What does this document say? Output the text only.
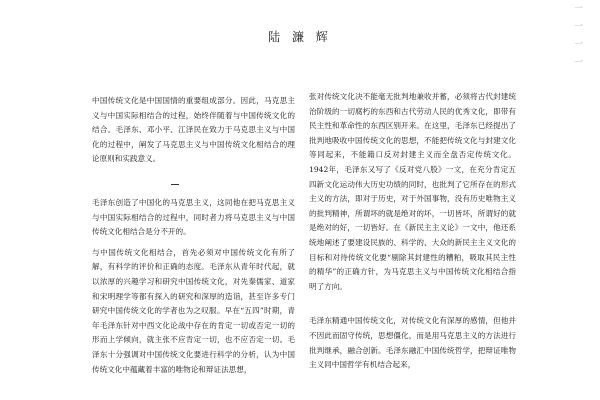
陆 濂 辉

中国传统文化是中国国情的重要组成部分。因此，马克思主义与中国实际相结合的过程，始终伴随着与中国传统文化的结合。毛泽东、邓小平、江泽民在致力于马克思主义与中国化的过程中，阐发了马克思主义与中国传统文化相结合的理论原则和实践意义。

毛泽东创造了中国化的马克思主义，这同他在把马克思主义与中国实际相结合的过程中，同时者力将马克思主义与中国传统文化相结合是分不开的。

与中国传统文化相结合，首先必须对中国传统文化有所了解，有科学的评价和正确的态度。毛泽东从青年时代起，就以浓厚的兴趣学习和研究中国传统文化，对先秦儒家、道家和宋明理学等都有探入的研究和深厚的造诣，甚至许多专门研究中国传统文化的学者也为之叹服。早在“五四”时期，青年毛泽东针对中西文化论战中存在的肯定一切或否定一切的形而上学倾向，就主张不应肯定一切，也不应否定一切。毛泽东十分强调对中国传统文化要进行科学的分析，认为中国传统文化中蕴藏着丰富的唯物论和辩证法思想，

张对传统文化决不能毫无批判地兼收并蓄，必须将古代封建统治阶级的一切腐朽的东西和古代劳动人民的优秀文化，即带有民主性和革命性的东西区别开来。在这里，毛泽东已经提出了批判地吸收中国传统文化的思想，不能把传统文化与封建文化等同起来，不能籍口反对封建主义而全盘否定传统文化。1942年，毛泽东又写了《反对党八股》一文，在充分肯定五四新文化运动伟大历史功绩的同时，也批判了它所存在的形式主义的方法，即对于历史，对于外国事物，没有历史唯物主义的批判精神，所谓坏的就是绝对的坏，一切皆坏，所谓好的就是绝对的好，一切皆好。在《新民主主义论》一文中，他还系统地阐述了要建设民族的、科学的、大众的新民主主义文化的目标和对待传统文化要“剔除其封建性的糟粕，吸取其民主性的精华”的正确方针，为马克思主义与中国传统文化相结合指明了方向。

毛泽东精通中国传统文化，对传统文化有深厚的感情，但他并不因此而固守传统，思想僵化，而是用马克思主义的方法进行批判继承，融合创新。毛泽东融汇中国传统哲学，把辩证唯物主义同中国哲学有机结合起来，

一
一
一
一
